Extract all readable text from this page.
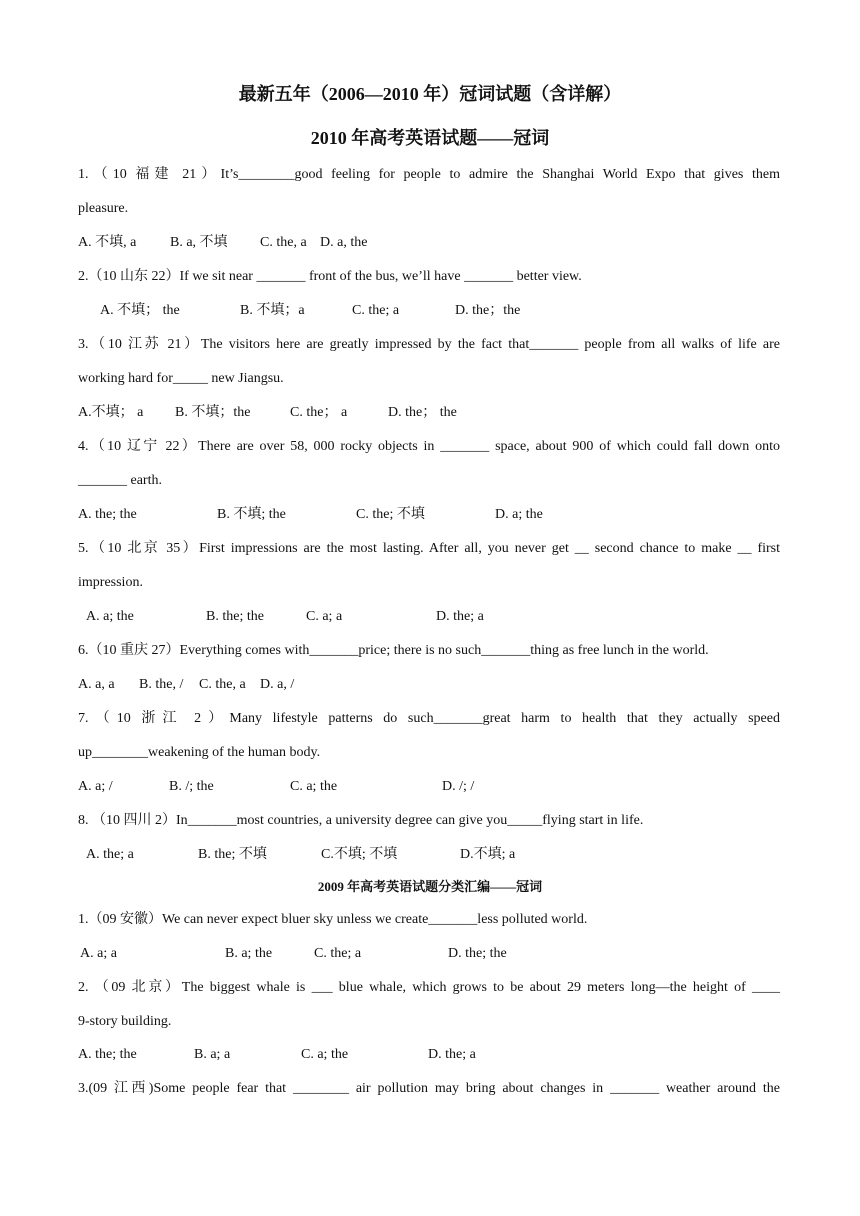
最新五年（2006—2010 年）冠词试题（含详解）
2010 年高考英语试题——冠词
1.（10 福建 21）It’s________good feeling for people to admire the Shanghai World Expo that gives them
pleasure.
A. 不填, a B. a, 不填 C. the, a D. a, the
2.（10 山东 22）If we sit near _______ front of the bus, we’ll have _______ better view.
A. 不填； the	B. 不填；a	C. the; a	D. the；the
3.（10 江苏 21）The visitors here are greatly impressed by the fact that_______ people from all walks of life are
working hard for_____ new Jiangsu.
A.不填； a B. 不填；the	C. the； a	D. the； the
4.（10 辽宁 22）There are over 58, 000 rocky objects in _______ space, about 900 of which could fall down onto
_______ earth.
A. the; the	B. 不填; the	C. the; 不填	D. a; the
5.（10 北京 35）First impressions are the most lasting. After all, you never get __ second chance to make __ first
impression.
A. a; the	B. the; the	C. a; a	D. the; a
6.（10 重庆 27）Everything comes with_______price; there is no such_______thing as free lunch in the world.
A. a, a B. the, / C. the, a D. a, /
7.（10 浙江 2）Many lifestyle patterns do such_______great harm to health that they actually speed
up________weakening of the human body.
A. a; /	B. /; the	C. a; the	D. /; /
8. （10 四川 2）In_______most countries, a university degree can give you_____flying start in life.
A. the; a	B. the; 不填	C.不填; 不填	D.不填; a
2009 年高考英语试题分类汇编——冠词
1.（09 安徽）We can never expect bluer sky unless we create_______less polluted world.
A. a; a	B. a; the	C. the; a	D. the; the
2. （09 北京）The biggest whale is ___ blue whale, which grows to be about 29 meters long—the height of ____
9-story building.
A. the; the	B. a; a	C. a; the	D. the; a
3.(09 江西)Some people fear that ________ air pollution may bring about changes in _______ weather around the
